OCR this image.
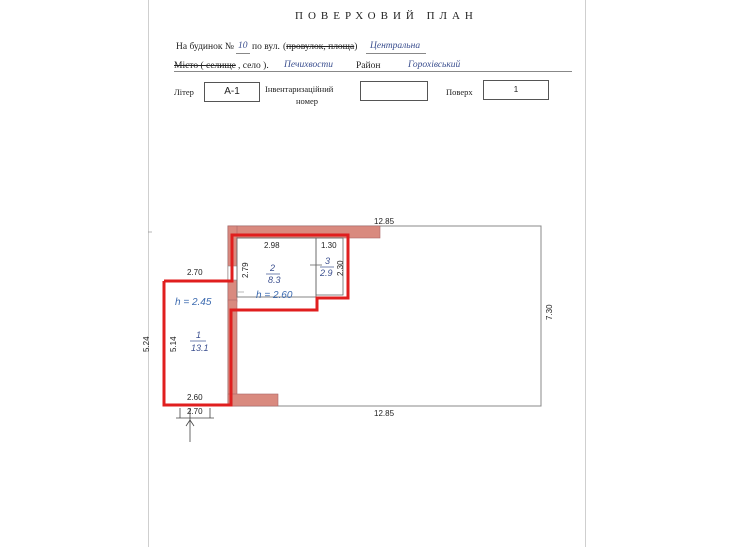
ПОВЕРХОВИЙ ПЛАН
На будинок № 10 по вул. (провулок, площа) Центральна
Місто ( селище , село ). Печихвости Район	Горохівський
Літер	А-1	Інвентаризаційний
номер
Поверх	1
12.85
12.85
7.30
5.24 5.14
2.70
2.60
2.70
2.98	1.30
2.79	2.30
h = 2.45
h = 2.60
1
13.1
2
8.3
3
2.9
